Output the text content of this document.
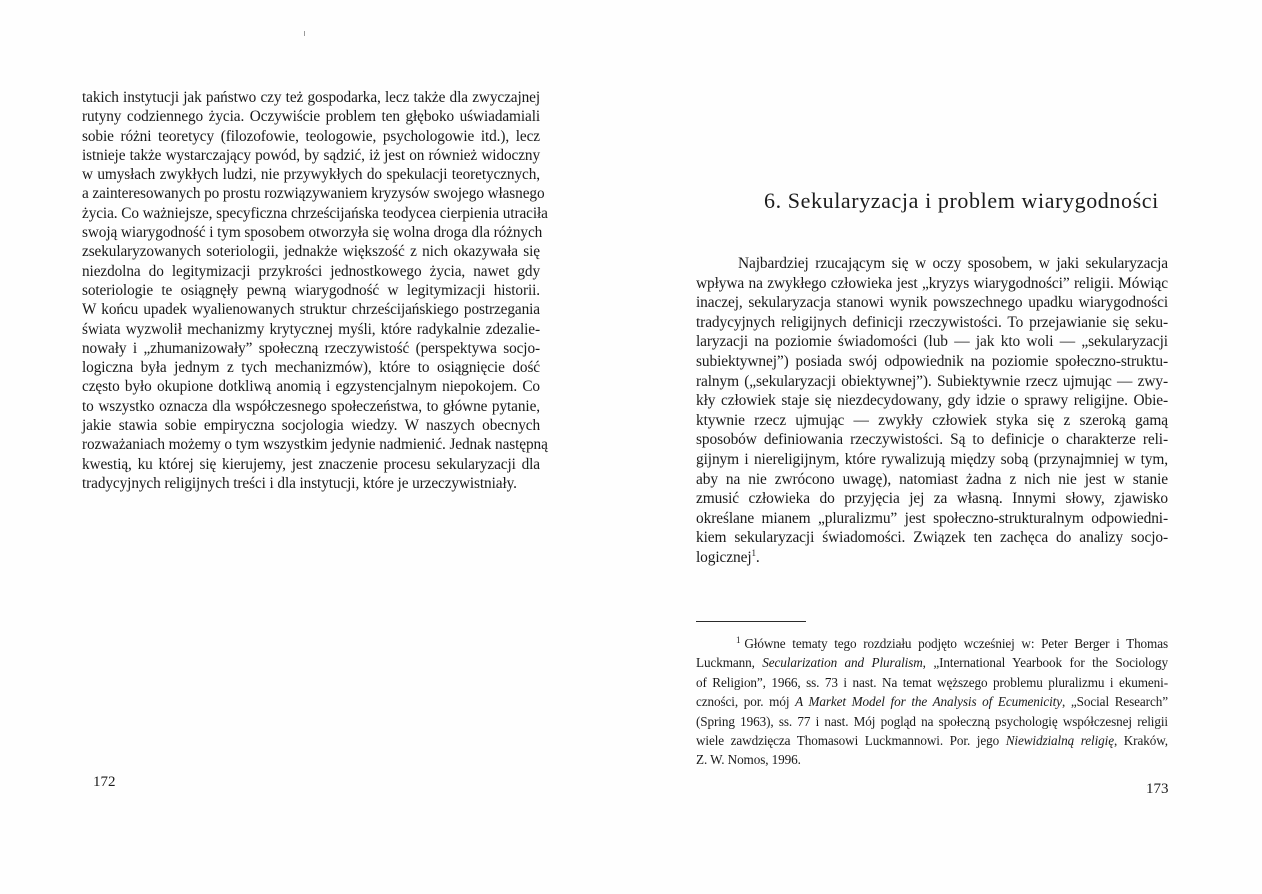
takich instytucji jak państwo czy też gospodarka, lecz także dla zwyczajnej
rutyny codziennego życia. Oczywiście problem ten głęboko uświadamiali
sobie różni teoretycy (filozofowie, teologowie, psychologowie itd.), lecz
istnieje także wystarczający powód, by sądzić, iż jest on również widoczny
w umysłach zwykłych ludzi, nie przywykłych do spekulacji teoretycznych,
a zainteresowanych po prostu rozwiązywaniem kryzysów swojego własnego
życia. Co ważniejsze, specyficzna chrześcijańska teodycea cierpienia utraciła
swoją wiarygodność i tym sposobem otworzyła się wolna droga dla różnych
zsekularyzowanych soteriologii, jednakże większość z nich okazywała się
niezdolna do legitymizacji przykrości jednostkowego życia, nawet gdy
soteriologie te osiągnęły pewną wiarygodność w legitymizacji historii.
W końcu upadek wyalienowanych struktur chrześcijańskiego postrzegania
świata wyzwolił mechanizmy krytycznej myśli, które radykalnie zdezalie-
nowały i „zhumanizowały” społeczną rzeczywistość (perspektywa socjo-
logiczna była jednym z tych mechanizmów), które to osiągnięcie dość
często było okupione dotkliwą anomią i egzystencjalnym niepokojem. Co
to wszystko oznacza dla współczesnego społeczeństwa, to główne pytanie,
jakie stawia sobie empiryczna socjologia wiedzy. W naszych obecnych
rozważaniach możemy o tym wszystkim jedynie nadmienić. Jednak następną
kwestią, ku której się kierujemy, jest znaczenie procesu sekularyzacji dla
tradycyjnych religijnych treści i dla instytucji, które je urzeczywistniały.
172
6. Sekularyzacja i problem wiarygodności
Najbardziej rzucającym się w oczy sposobem, w jaki sekularyzacja
wpływa na zwykłego człowieka jest „kryzys wiarygodności” religii. Mówiąc
inaczej, sekularyzacja stanowi wynik powszechnego upadku wiarygodności
tradycyjnych religijnych definicji rzeczywistości. To przejawianie się seku-
laryzacji na poziomie świadomości (lub — jak kto woli — „sekularyzacji
subiektywnej”) posiada swój odpowiednik na poziomie społeczno-struktu-
ralnym („sekularyzacji obiektywnej”). Subiektywnie rzecz ujmując — zwy-
kły człowiek staje się niezdecydowany, gdy idzie o sprawy religijne. Obie-
ktywnie rzecz ujmując — zwykły człowiek styka się z szeroką gamą
sposobów definiowania rzeczywistości. Są to definicje o charakterze reli-
gijnym i niereligijnym, które rywalizują między sobą (przynajmniej w tym,
aby na nie zwrócono uwagę), natomiast żadna z nich nie jest w stanie
zmusić człowieka do przyjęcia jej za własną. Innymi słowy, zjawisko
określane mianem „pluralizmu” jest społeczno-strukturalnym odpowiedni-
kiem sekularyzacji świadomości. Związek ten zachęca do analizy socjo-
logicznej$^1$.
$^1$ Główne tematy tego rozdziału podjęto wcześniej w: Peter Berger i Thomas
Luckmann, Secularization and Pluralism, „International Yearbook for the Sociology
of Religion”, 1966, ss. 73 i nast. Na temat węższego problemu pluralizmu i ekumeni-
czności, por. mój A Market Model for the Analysis of Ecumenicity, „Social Research”
(Spring 1963), ss. 77 i nast. Mój pogląd na społeczną psychologię współczesnej religii
wiele zawdzięcza Thomasowi Luckmannowi. Por. jego Niewidzialną religię, Kraków,
Z. W. Nomos, 1996.
173
